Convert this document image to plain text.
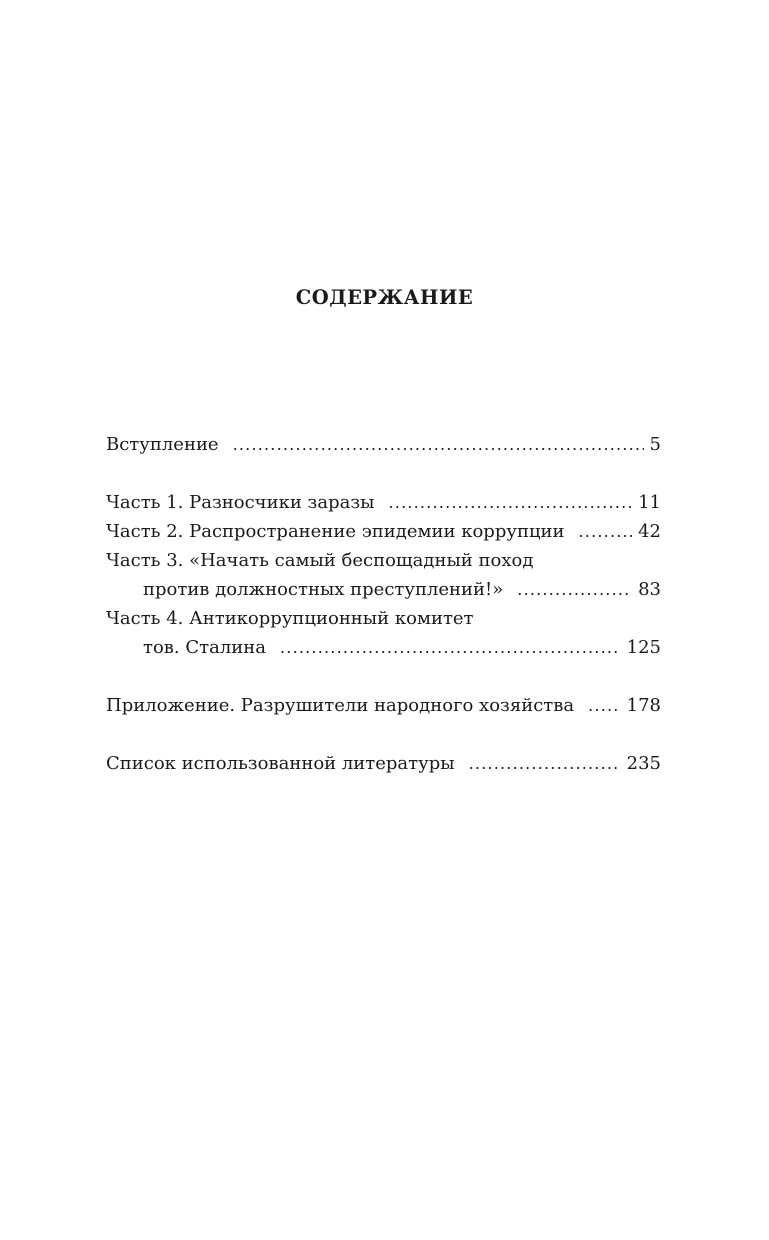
СОДЕРЖАНИЕ
Вступление .....	5
Часть 1. Разносчики заразы .....	11
Часть 2. Распространение эпидемии коррупции .....	42
Часть 3. «Начать самый беспощадный поход
против должностных преступлений!» .....	83
Часть 4. Антикоррупционный комитет
тов. Сталина .....	125
Приложение. Разрушители народного хозяйства .....	178
Список использованной литературы .....	235
